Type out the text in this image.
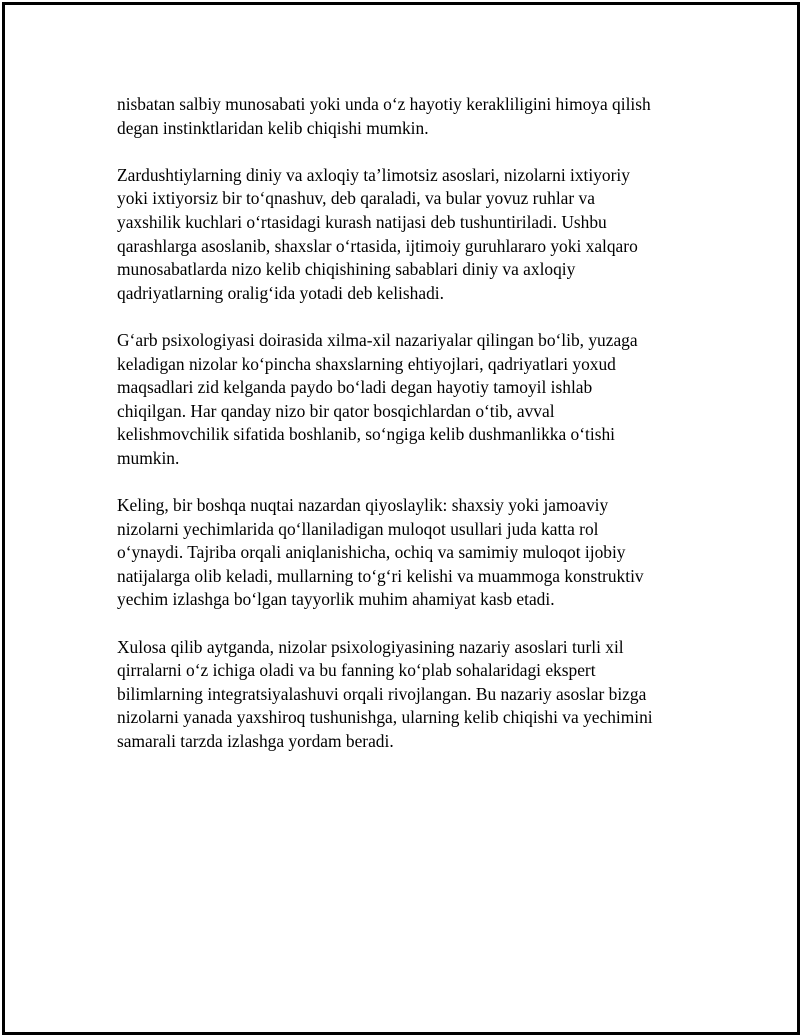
nisbatan salbiy munosabati yoki unda o‘z hayotiy kerakliligini himoya qilish
degan instinktlaridan kelib chiqishi mumkin.

Zardushtiylarning diniy va axloqiy ta’limotsiz asoslari, nizolarni ixtiyoriy
yoki ixtiyorsiz bir to‘qnashuv, deb qaraladi, va bular yovuz ruhlar va
yaxshilik kuchlari o‘rtasidagi kurash natijasi deb tushuntiriladi. Ushbu
qarashlarga asoslanib, shaxslar o‘rtasida, ijtimoiy guruhlararo yoki xalqaro
munosabatlarda nizo kelib chiqishining sabablari diniy va axloqiy
qadriyatlarning oralig‘ida yotadi deb kelishadi.

G‘arb psixologiyasi doirasida xilma-xil nazariyalar qilingan bo‘lib, yuzaga
keladigan nizolar ko‘pincha shaxslarning ehtiyojlari, qadriyatlari yoxud
maqsadlari zid kelganda paydo bo‘ladi degan hayotiy tamoyil ishlab
chiqilgan. Har qanday nizo bir qator bosqichlardan o‘tib, avval
kelishmovchilik sifatida boshlanib, so‘ngiga kelib dushmanlikka o‘tishi
mumkin.

Keling, bir boshqa nuqtai nazardan qiyoslaylik: shaxsiy yoki jamoaviy
nizolarni yechimlarida qo‘llaniladigan muloqot usullari juda katta rol
o‘ynaydi. Tajriba orqali aniqlanishicha, ochiq va samimiy muloqot ijobiy
natijalarga olib keladi, mullarning to‘g‘ri kelishi va muammoga konstruktiv
yechim izlashga bo‘lgan tayyorlik muhim ahamiyat kasb etadi.

Xulosa qilib aytganda, nizolar psixologiyasining nazariy asoslari turli xil
qirralarni o‘z ichiga oladi va bu fanning ko‘plab sohalaridagi ekspert
bilimlarning integratsiyalashuvi orqali rivojlangan. Bu nazariy asoslar bizga
nizolarni yanada yaxshiroq tushunishga, ularning kelib chiqishi va yechimini
samarali tarzda izlashga yordam beradi.
